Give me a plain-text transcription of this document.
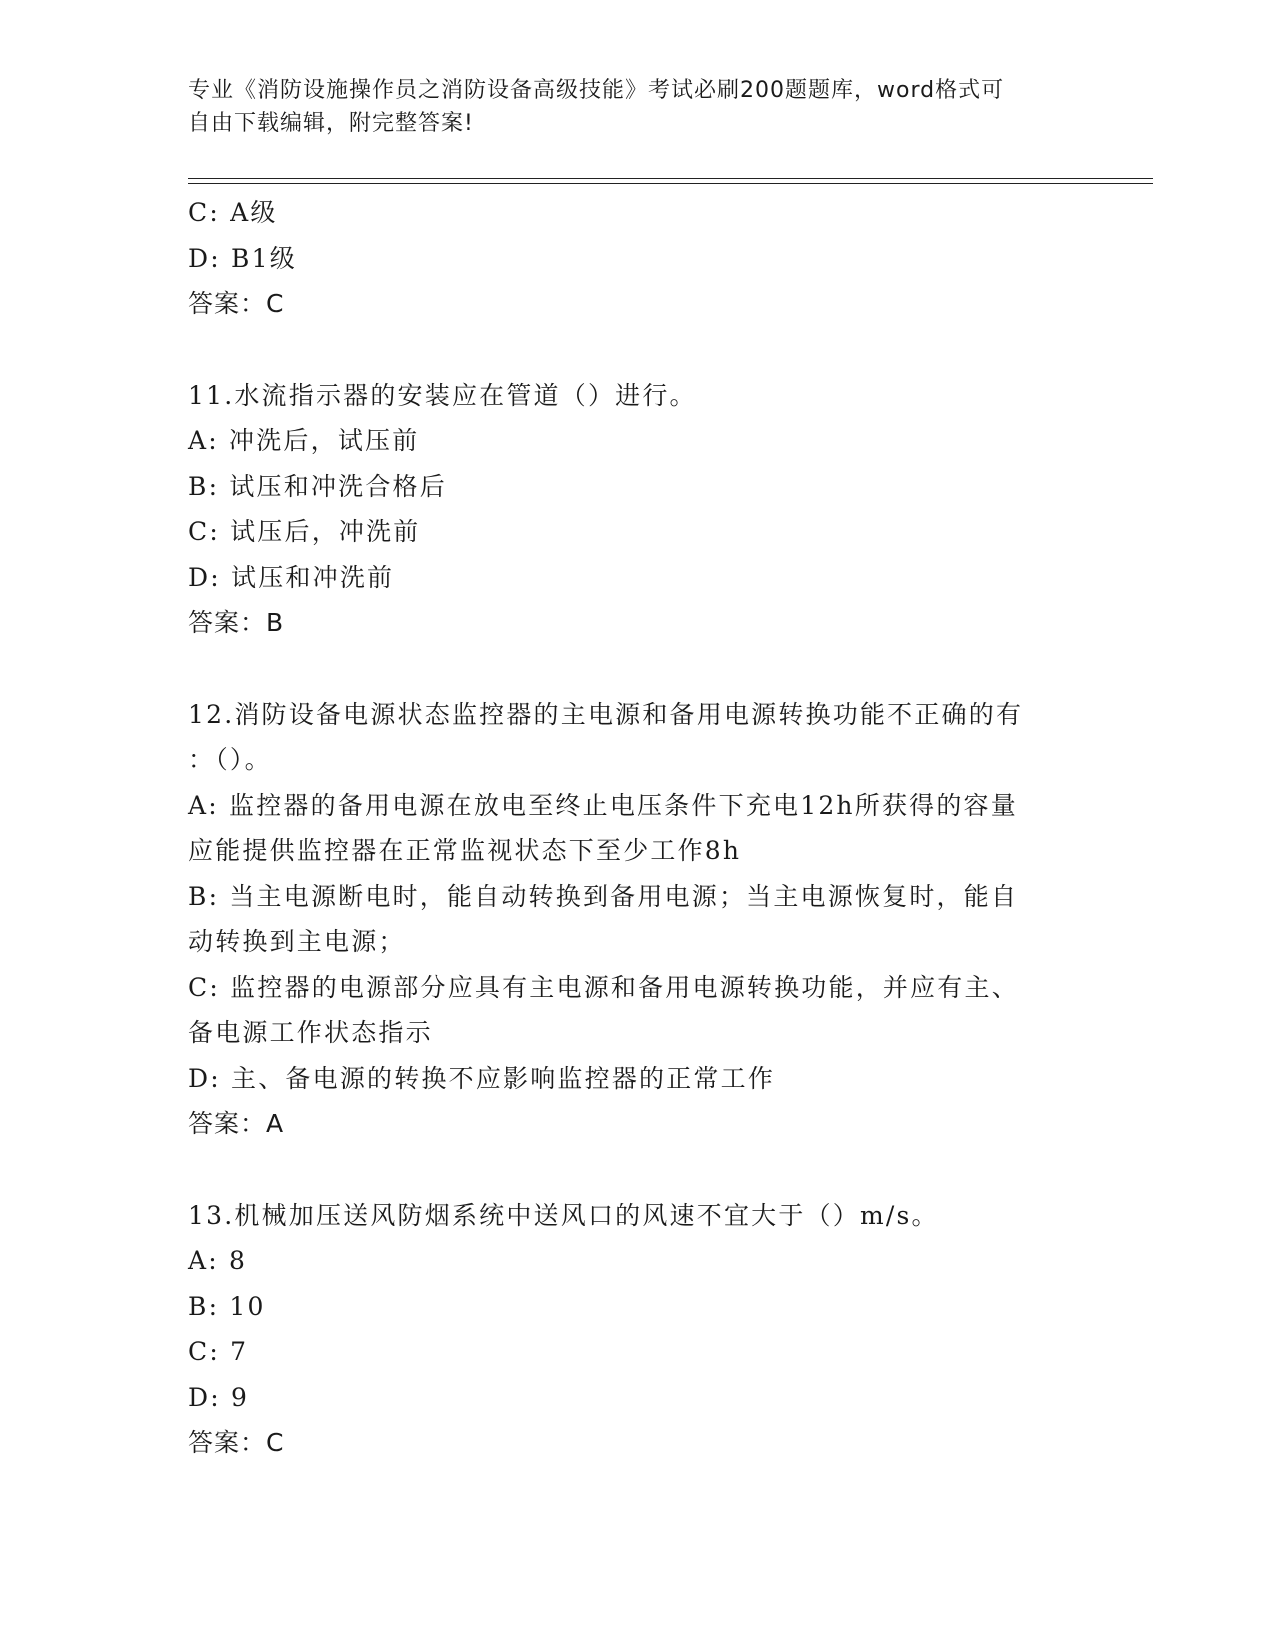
专业《消防设施操作员之消防设备高级技能》考试必刷200题题库，word格式可
自由下载编辑，附完整答案!
C: A级
D: B1级
答案：C
11.水流指示器的安装应在管道（）进行。
A: 冲洗后，试压前
B: 试压和冲洗合格后
C: 试压后，冲洗前
D: 试压和冲洗前
答案：B
12.消防设备电源状态监控器的主电源和备用电源转换功能不正确的有
：（）。
A: 监控器的备用电源在放电至终止电压条件下充电12h所获得的容量
应能提供监控器在正常监视状态下至少工作8h
B: 当主电源断电时，能自动转换到备用电源；当主电源恢复时，能自
动转换到主电源；
C: 监控器的电源部分应具有主电源和备用电源转换功能，并应有主、
备电源工作状态指示
D: 主、备电源的转换不应影响监控器的正常工作
答案：A
13.机械加压送风防烟系统中送风口的风速不宜大于（）m/s。
A: 8
B: 10
C: 7
D: 9
答案：C
